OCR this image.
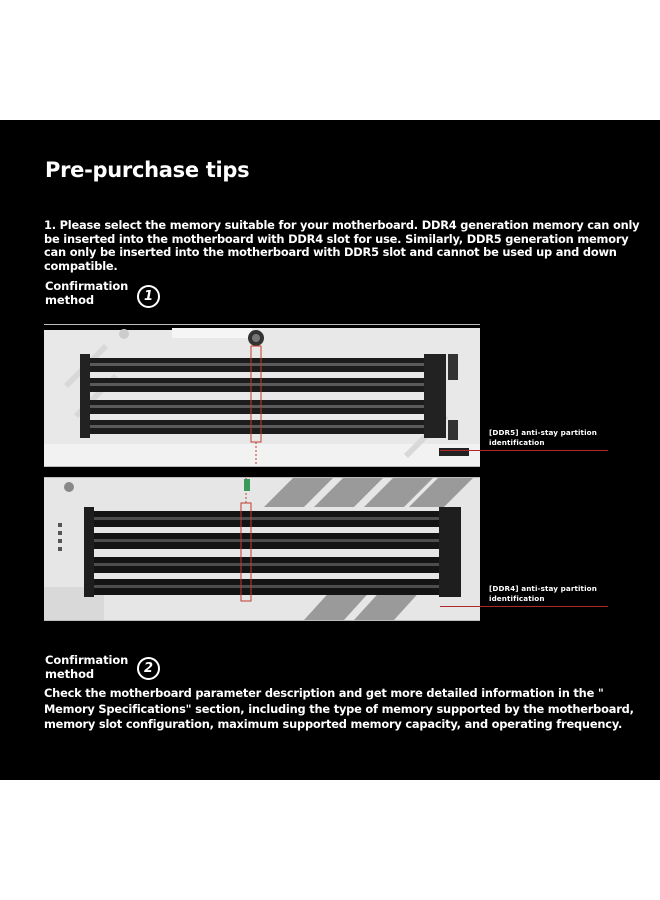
Pre-purchase tips
1. Please select the memory suitable for your motherboard. DDR4 generation memory can only be inserted into the motherboard with DDR4 slot for use. Similarly, DDR5 generation memory can only be inserted into the motherboard with DDR5 slot and cannot be used up and down compatible.
Confirmation method	1
[DDR5] anti-stay partition identification
[DDR4] anti-stay partition identification
Confirmation method	2
Check the motherboard parameter description and get more detailed information in the " Memory Specifications" section, including the type of memory supported by the motherboard, memory slot configuration, maximum supported memory capacity, and operating frequency.
